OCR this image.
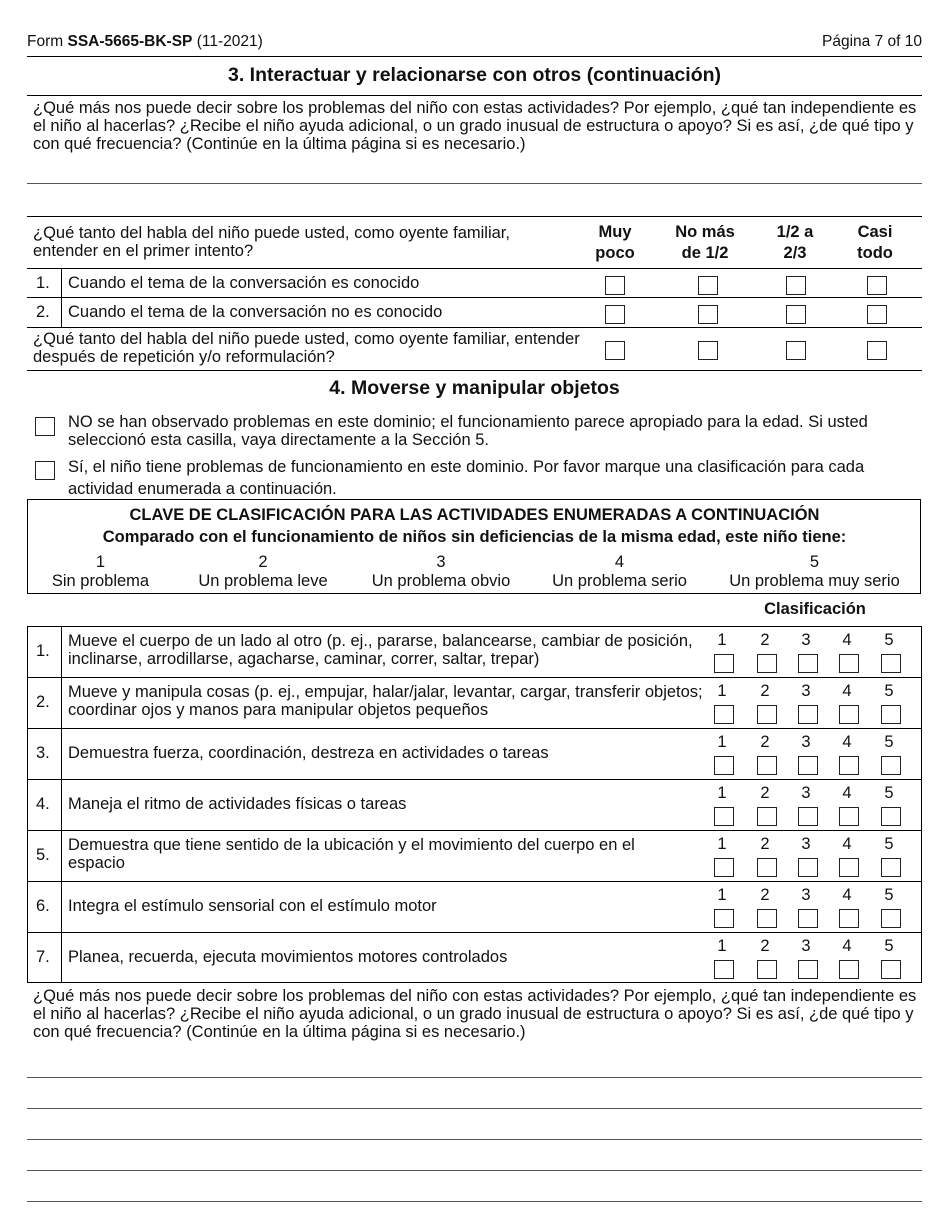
Form SSA-5665-BK-SP (11-2021)	Página 7 of 10
3. Interactuar y relacionarse con otros (continuación)
¿Qué más nos puede decir sobre los problemas del niño con estas actividades? Por ejemplo, ¿qué tan independiente es el niño al hacerlas? ¿Recibe el niño ayuda adicional, o un grado inusual de estructura o apoyo? Si es así, ¿de qué tipo y con qué frecuencia? (Continúe en la última página si es necesario.)
¿Qué tanto del habla del niño puede usted, como oyente familiar, entender en el primer intento?
Muy
poco
No más
de 1/2
1/2 a
2/3
Casi
todo
1. Cuando el tema de la conversación es conocido
2. Cuando el tema de la conversación no es conocido
¿Qué tanto del habla del niño puede usted, como oyente familiar, entender después de repetición y/o reformulación?
4. Moverse y manipular objetos
NO se han observado problemas en este dominio; el funcionamiento parece apropiado para la edad. Si usted seleccionó esta casilla, vaya directamente a la Sección 5.
Sí, el niño tiene problemas de funcionamiento en este dominio. Por favor marque una clasificación para cada actividad enumerada a continuación.
CLAVE DE CLASIFICACIÓN PARA LAS ACTIVIDADES ENUMERADAS A CONTINUACIÓN
Comparado con el funcionamiento de niños sin deficiencias de la misma edad, este niño tiene:
1
Sin problema
2
Un problema leve
3
Un problema obvio
4
Un problema serio
5
Un problema muy serio
Clasificación
1.
Mueve el cuerpo de un lado al otro (p. ej., pararse, balancearse, cambiar de posición, inclinarse, arrodillarse, agacharse, caminar, correr, saltar, trepar)
1 2 3 4 5
2.
Mueve y manipula cosas (p. ej., empujar, halar/jalar, levantar, cargar, transferir objetos; coordinar ojos y manos para manipular objetos pequeños
1 2 3 4 5
3. Demuestra fuerza, coordinación, destreza en actividades o tareas
1 2 3 4 5
4. Maneja el ritmo de actividades físicas o tareas
1 2 3 4 5
5.
Demuestra que tiene sentido de la ubicación y el movimiento del cuerpo en el espacio
1 2 3 4 5
6. Integra el estímulo sensorial con el estímulo motor
1 2 3 4 5
7. Planea, recuerda, ejecuta movimientos motores controlados
1 2 3 4 5
¿Qué más nos puede decir sobre los problemas del niño con estas actividades? Por ejemplo, ¿qué tan independiente es el niño al hacerlas? ¿Recibe el niño ayuda adicional, o un grado inusual de estructura o apoyo? Si es así, ¿de qué tipo y con qué frecuencia? (Continúe en la última página si es necesario.)
